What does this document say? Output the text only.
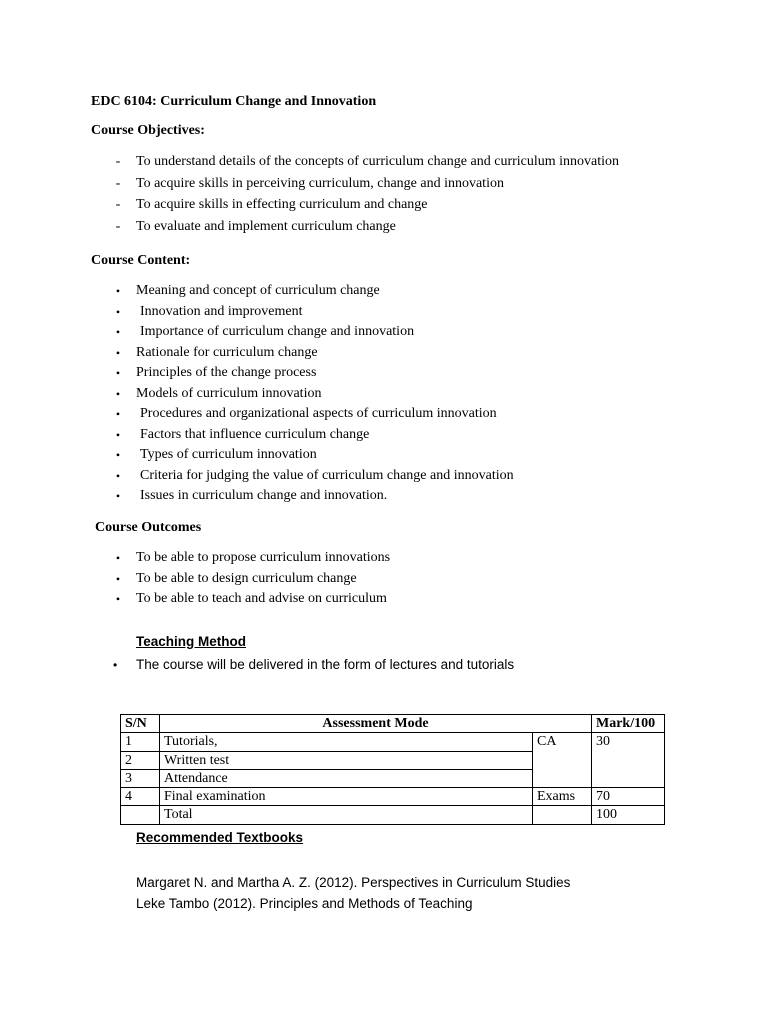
EDC 6104: Curriculum Change and Innovation
Course Objectives:
-	To understand details of the concepts of curriculum change and curriculum innovation
-	To acquire skills in perceiving curriculum, change and innovation
-	To acquire skills in effecting curriculum and change
-	To evaluate and implement curriculum change
Course Content:
•	Meaning and concept of curriculum change
•	Innovation and improvement
•	Importance of curriculum change and innovation
•	Rationale for curriculum change
•	Principles of the change process
•	Models of curriculum innovation
•	Procedures and organizational aspects of curriculum innovation
•	Factors that influence curriculum change
•	Types of curriculum innovation
•	Criteria for judging the value of curriculum change and innovation
•	Issues in curriculum change and innovation.
Course Outcomes
•	To be able to propose curriculum innovations
•	To be able to design curriculum change
•	To be able to teach and advise on curriculum
Teaching Method
• The course will be delivered in the form of lectures and tutorials
S/N	Assessment Mode		Mark/100
1	Tutorials,	CA	30
2	Written test		
3	Attendance		
4	Final examination	Exams	70
	Total		100
Recommended Textbooks
Margaret N. and Martha A. Z. (2012). Perspectives in Curriculum Studies
Leke Tambo (2012). Principles and Methods of Teaching
